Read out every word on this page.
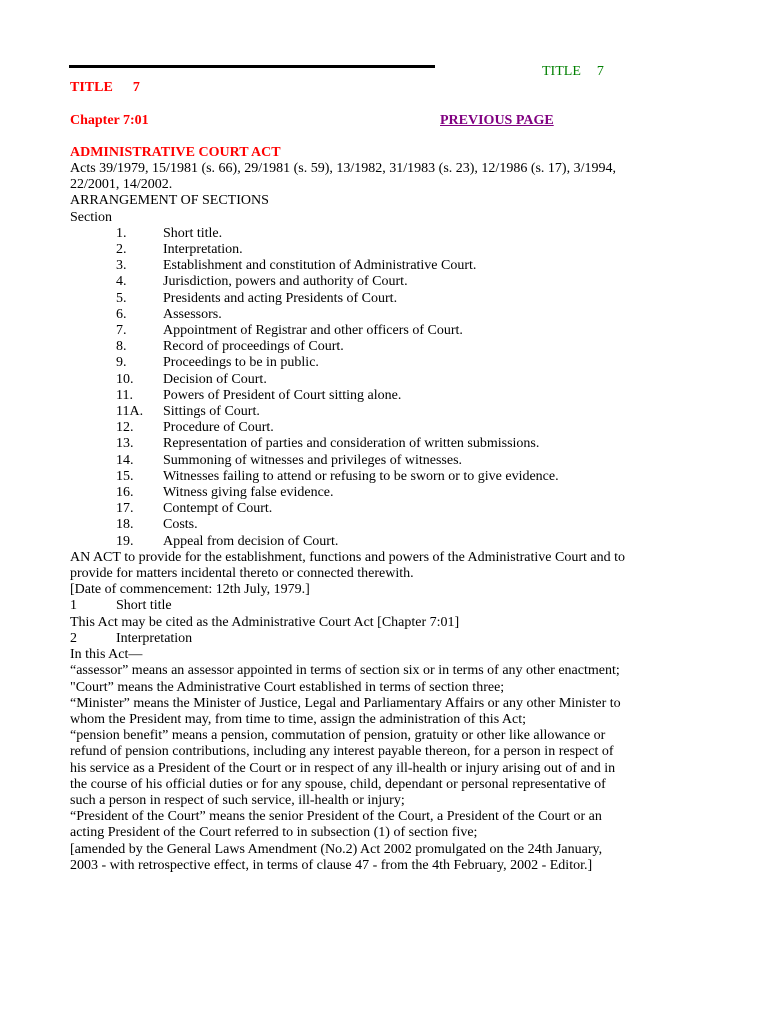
TITLE 7
TITLE 7
Chapter 7:01	PREVIOUS PAGE
ADMINISTRATIVE COURT ACT

Acts 39/1979, 15/1981 (s. 66), 29/1981 (s. 59), 13/1982, 31/1983 (s. 23), 12/1986 (s. 17), 3/1994, 22/2001, 14/2002.

ARRANGEMENT OF SECTIONS

Section

1.	Short title.
2.	Interpretation.
3.	Establishment and constitution of Administrative Court.
4.	Jurisdiction, powers and authority of Court.
5.	Presidents and acting Presidents of Court.
6.	Assessors.
7.	Appointment of Registrar and other officers of Court.
8.	Record of proceedings of Court.
9.	Proceedings to be in public.
10.	Decision of Court.
11.	Powers of President of Court sitting alone.
11A.	Sittings of Court.
12.	Procedure of Court.
13.	Representation of parties and consideration of written submissions.
14.	Summoning of witnesses and privileges of witnesses.
15.	Witnesses failing to attend or refusing to be sworn or to give evidence.
16.	Witness giving false evidence.
17.	Contempt of Court.
18.	Costs.
19.	Appeal from decision of Court.

AN ACT to provide for the establishment, functions and powers of the Administrative Court and to provide for matters incidental thereto or connected therewith.

[Date of commencement: 12th July, 1979.]

1	Short title

This Act may be cited as the Administrative Court Act [Chapter 7:01]

2	Interpretation

In this Act—

“assessor” means an assessor appointed in terms of section six or in terms of any other enactment;

"Court” means the Administrative Court established in terms of section three;

“Minister” means the Minister of Justice, Legal and Parliamentary Affairs or any other Minister to whom the President may, from time to time, assign the administration of this Act;

“pension benefit” means a pension, commutation of pension, gratuity or other like allowance or refund of pension contributions, including any interest payable thereon, for a person in respect of his service as a President of the Court or in respect of any ill-health or injury arising out of and in the course of his official duties or for any spouse, child, dependant or personal representative of such a person in respect of such service, ill-health or injury;

“President of the Court” means the senior President of the Court, a President of the Court or an acting President of the Court referred to in subsection (1) of section five;

[amended by the General Laws Amendment (No.2) Act 2002 promulgated on the 24th January, 2003 - with retrospective effect, in terms of clause 47 - from the 4th February, 2002 - Editor.]
